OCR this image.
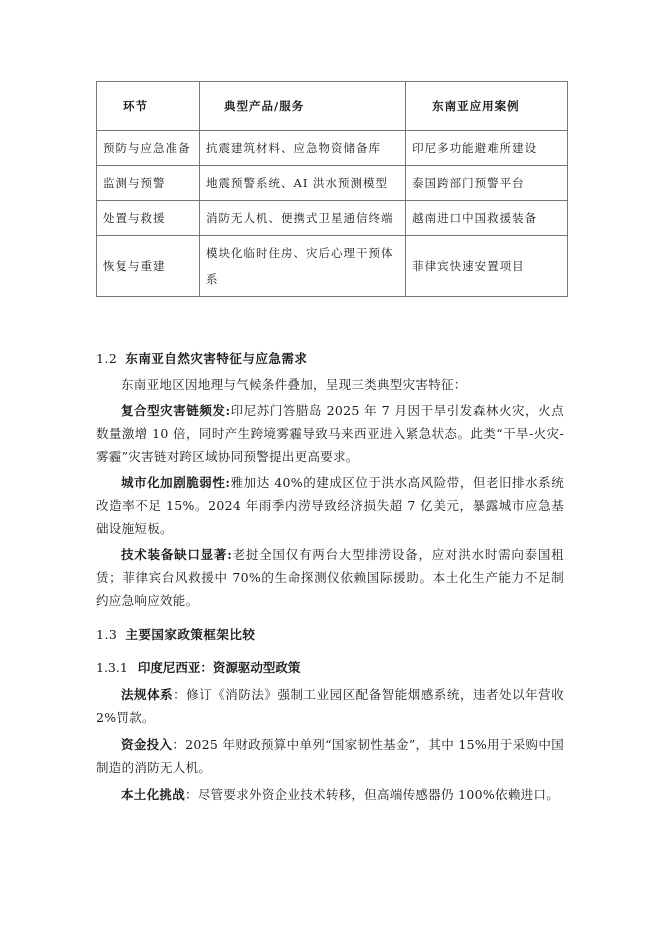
环节	典型产品/服务	东南亚应用案例
预防与应急准备	抗震建筑材料、应急物资储备库	印尼多功能避难所建设
监测与预警	地震预警系统、AI 洪水预测模型	泰国跨部门预警平台
处置与救援	消防无人机、便携式卫星通信终端	越南进口中国救援装备
恢复与重建	模块化临时住房、灾后心理干预体系	菲律宾快速安置项目
1.2 东南亚自然灾害特征与应急需求
东南亚地区因地理与气候条件叠加，呈现三类典型灾害特征：
复合型灾害链频发:印尼苏门答腊岛 2025 年 7 月因干旱引发森林火灾，火点数量激增 10 倍，同时产生跨境雾霾导致马来西亚进入紧急状态。此类“干旱-火灾-雾霾”灾害链对跨区域协同预警提出更高要求。
城市化加剧脆弱性:雅加达 40%的建成区位于洪水高风险带，但老旧排水系统改造率不足 15%。2024 年雨季内涝导致经济损失超 7 亿美元，暴露城市应急基础设施短板。
技术装备缺口显著:老挝全国仅有两台大型排涝设备，应对洪水时需向泰国租赁；菲律宾台风救援中 70%的生命探测仪依赖国际援助。本土化生产能力不足制约应急响应效能。
1.3 主要国家政策框架比较
1.3.1 印度尼西亚：资源驱动型政策
法规体系：修订《消防法》强制工业园区配备智能烟感系统，违者处以年营收 2%罚款。
资金投入：2025 年财政预算中单列“国家韧性基金”，其中 15%用于采购中国制造的消防无人机。
本土化挑战：尽管要求外资企业技术转移，但高端传感器仍 100%依赖进口。
